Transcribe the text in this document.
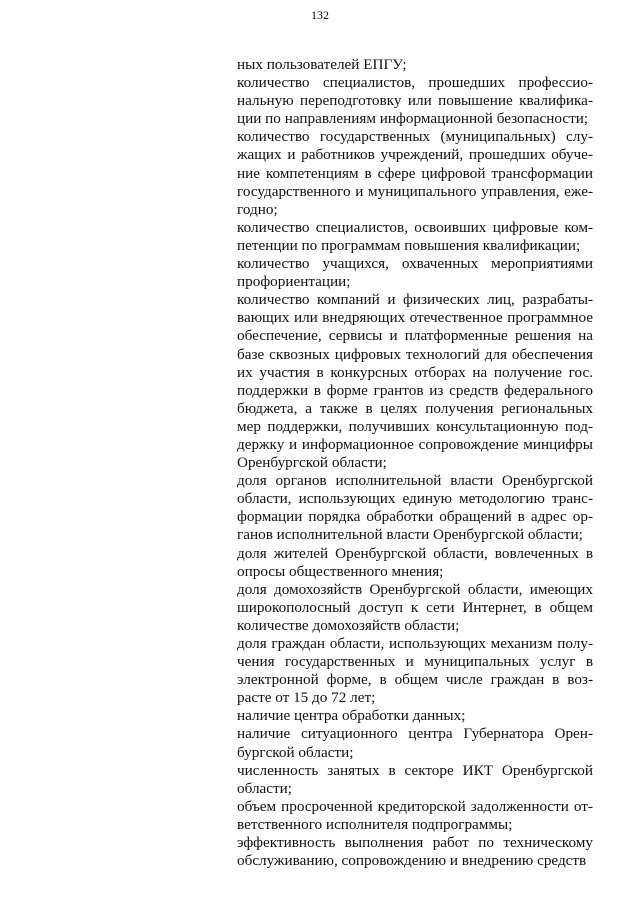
132

ных пользователей ЕПГУ;

количество специалистов, прошедших профессиональную переподготовку или повышение квалификации по направлениям информационной безопасности;

количество государственных (муниципальных) служащих и работников учреждений, прошедших обучение компетенциям в сфере цифровой трансформации государственного и муниципального управления, ежегодно;

количество специалистов, освоивших цифровые компетенции по программам повышения квалификации;

количество учащихся, охваченных мероприятиями профориентации;

количество компаний и физических лиц, разрабатывающих или внедряющих отечественное программное обеспечение, сервисы и платформенные решения на базе сквозных цифровых технологий для обеспечения их участия в конкурсных отборах на получение гос. поддержки в форме грантов из средств федерального бюджета, а также в целях получения региональных мер поддержки, получивших консультационную поддержку и информационное сопровождение минцифры Оренбургской области;

доля органов исполнительной власти Оренбургской области, использующих единую методологию трансформации порядка обработки обращений в адрес органов исполнительной власти Оренбургской области;

доля жителей Оренбургской области, вовлеченных в опросы общественного мнения;

доля домохозяйств Оренбургской области, имеющих широкополосный доступ к сети Интернет, в общем количестве домохозяйств области;

доля граждан области, использующих механизм получения государственных и муниципальных услуг в электронной форме, в общем числе граждан в возрасте от 15 до 72 лет;

наличие центра обработки данных;

наличие ситуационного центра Губернатора Оренбургской области;

численность занятых в секторе ИКТ Оренбургской области;

объем просроченной кредиторской задолженности ответственного исполнителя подпрограммы;

эффективность выполнения работ по техническому обслуживанию, сопровождению и внедрению средств
